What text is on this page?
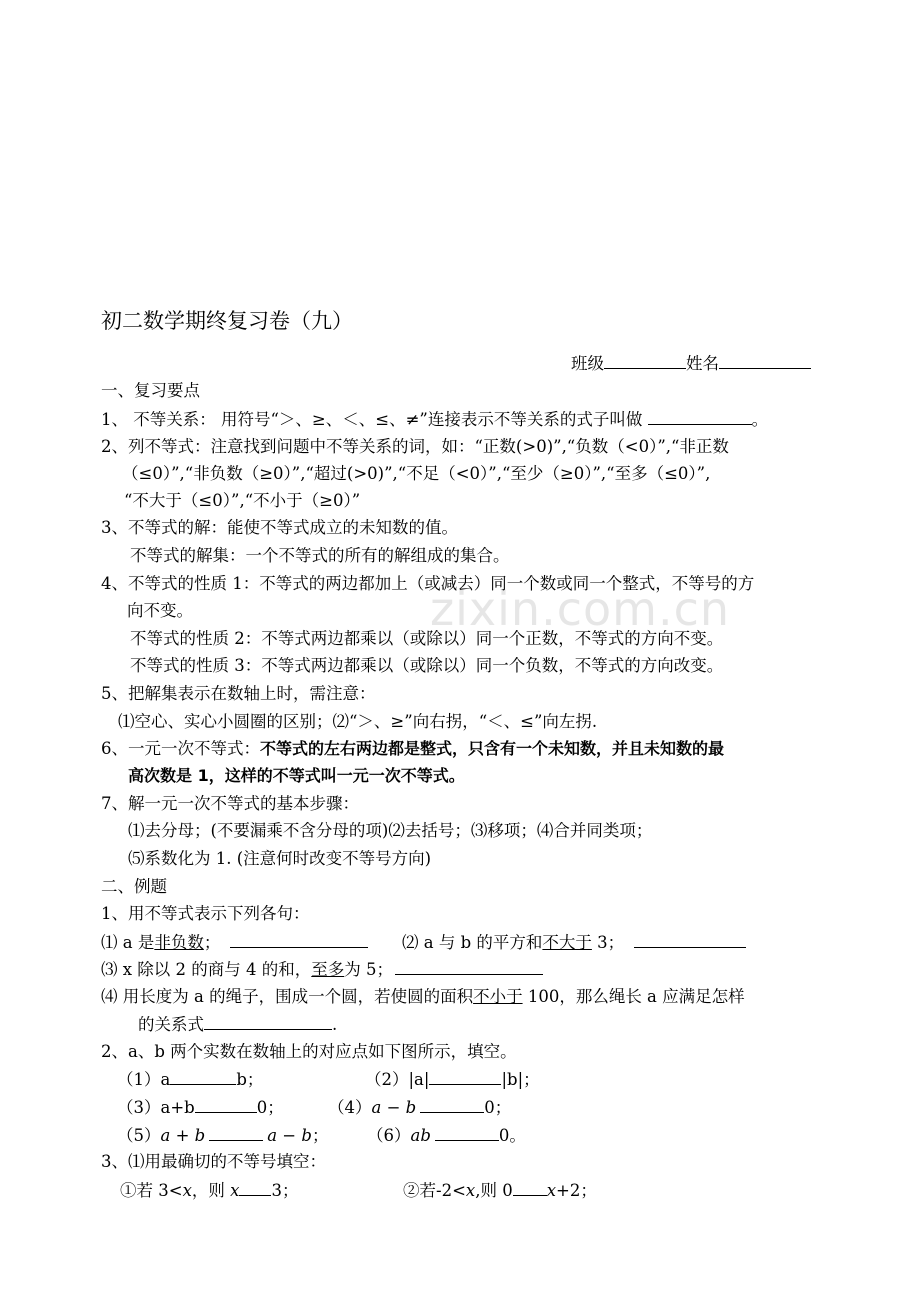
zixin.com.cn
初二数学期终复习卷（九）
班级	姓名
一、复习要点
1、 不等关系： 用符号“＞、≥、＜、≤、≠”连接表示不等关系的式子叫做	。
2、列不等式：注意找到问题中不等关系的词，如：“正数(>0)”,“负数（<0）”,“非正数
（≤0）”,“非负数（≥0）”,“超过(>0)”,“不足（<0）”,“至少（≥0）”,“至多（≤0）”,
“不大于（≤0）”,“不小于（≥0）”
3、不等式的解：能使不等式成立的未知数的值。
不等式的解集：一个不等式的所有的解组成的集合。
4、不等式的性质 1：不等式的两边都加上（或减去）同一个数或同一个整式，不等号的方
向不变。
不等式的性质 2：不等式两边都乘以（或除以）同一个正数，不等式的方向不变。
不等式的性质 3：不等式两边都乘以（或除以）同一个负数，不等式的方向改变。
5、把解集表示在数轴上时，需注意：
⑴空心、实心小圆圈的区别；⑵“＞、≥”向右拐，“＜、≤”向左拐.
6、一元一次不等式：不等式的左右两边都是整式，只含有一个未知数，并且未知数的最
高次数是 1，这样的不等式叫一元一次不等式。
7、解一元一次不等式的基本步骤：
⑴去分母；(不要漏乘不含分母的项)⑵去括号；⑶移项；⑷合并同类项；
⑸系数化为 1. (注意何时改变不等号方向)
二、例题
1、用不等式表示下列各句：
⑴ a 是非负数；	⑵ a 与 b 的平方和不大于 3；
⑶ x 除以 2 的商与 4 的和，至多为 5；
⑷ 用长度为 a 的绳子，围成一个圆，若使圆的面积不小于 100，那么绳长 a 应满足怎样
的关系式	.
2、a、b 两个实数在数轴上的对应点如下图所示，填空。
（1）a	b；	（2）|a|	|b|；
（3）a+b	0；	（4）a − b	0；
（5）a + b	a − b； （6）ab	0。
3、⑴用最确切的不等号填空：
①若 3<x，则 x 3；	②若-2<x,则 0 x+2；
